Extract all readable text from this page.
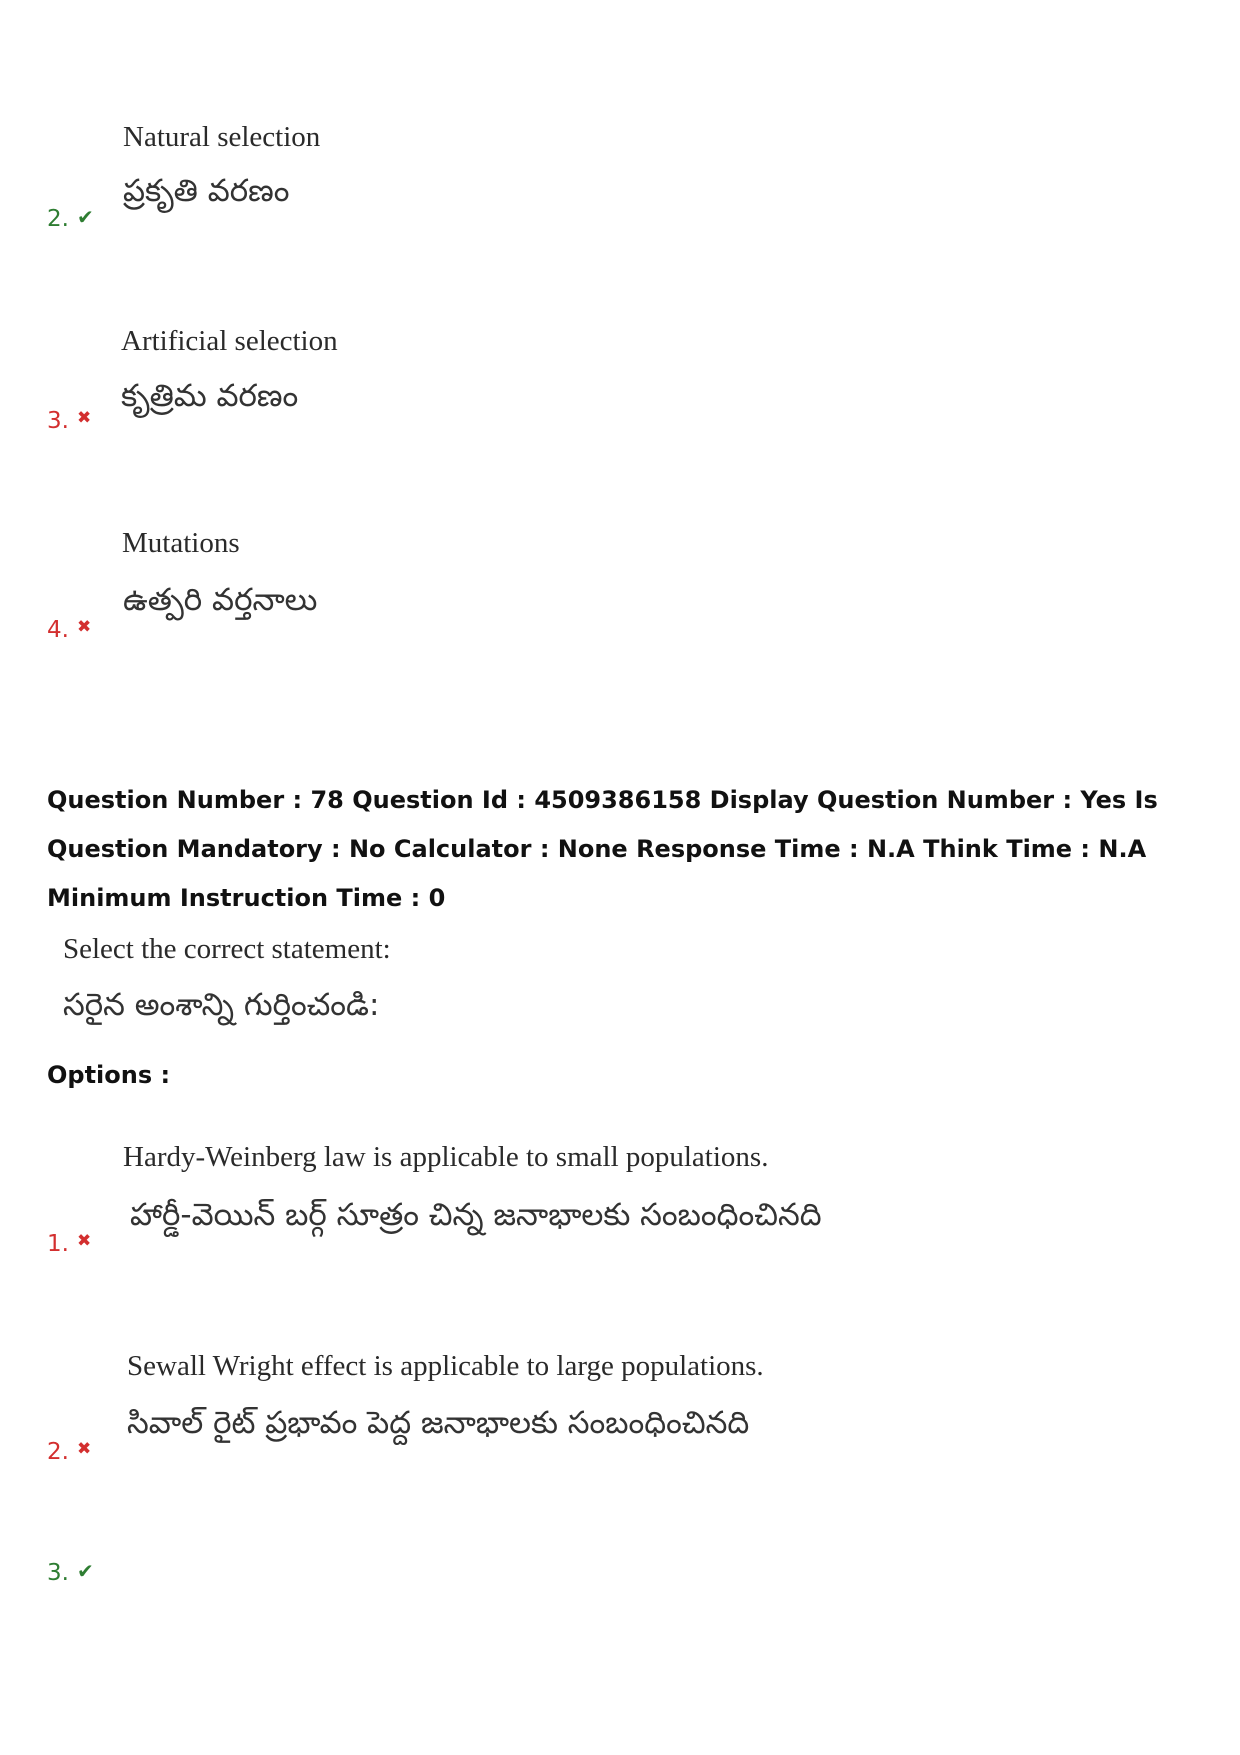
Natural selection
ప్రకృతి వరణం
2. ✔
Artificial selection
కృత్రిమ వరణం
3. ✖
Mutations
ఉత్పరి వర్తనాలు
4. ✖
Question Number : 78 Question Id : 4509386158 Display Question Number : Yes Is Question Mandatory : No Calculator : None Response Time : N.A Think Time : N.A Minimum Instruction Time : 0
Select the correct statement:
సరైన అంశాన్ని గుర్తించండి:
Options :
Hardy-Weinberg law is applicable to small populations.
హార్డీ-వెయిన్ బర్గ్ సూత్రం చిన్న జనాభాలకు సంబంధించినది
1. ✖
Sewall Wright effect is applicable to large populations.
సివాల్ రైట్ ప్రభావం పెద్ద జనాభాలకు సంబంధించినది
2. ✖
3. ✔
